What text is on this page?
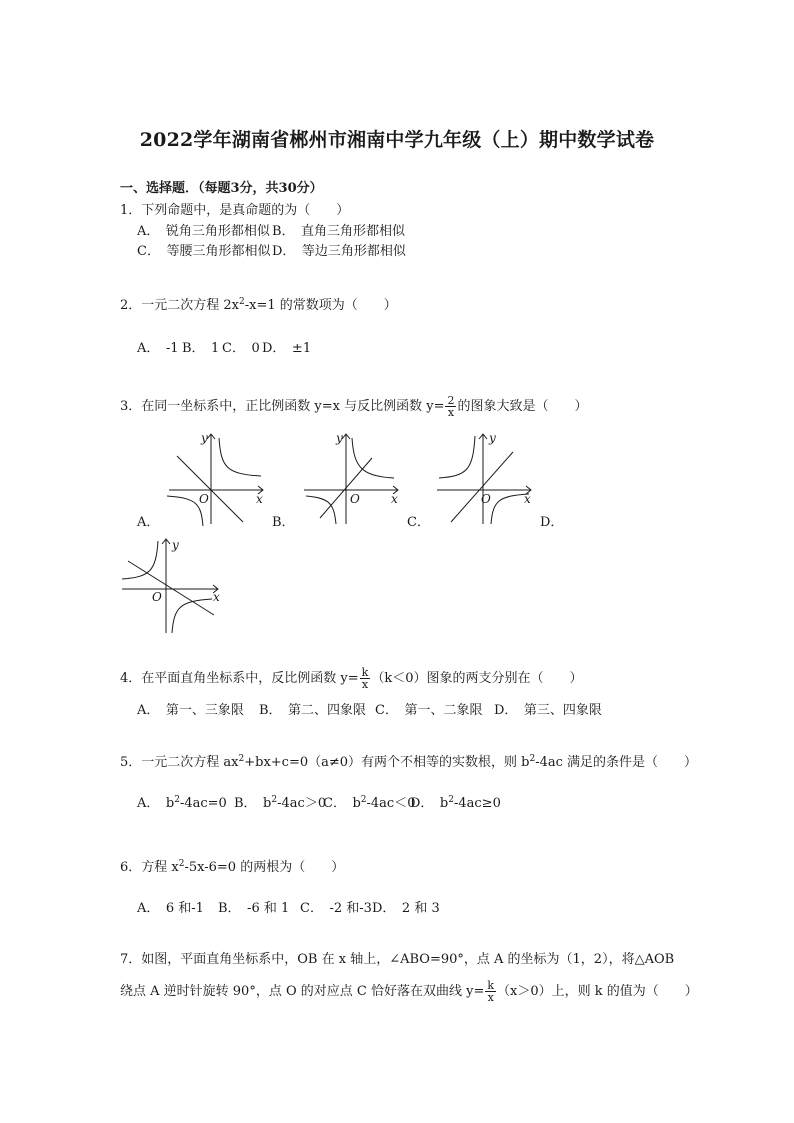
2022学年湖南省郴州市湘南中学九年级（上）期中数学试卷
一、选择题．（每题3分，共30分）
1．下列命题中，是真命题的为（　　）
A．　锐角三角形都相似 B．　直角三角形都相似
C．　等腰三角形都相似 D．　等边三角形都相似
2．一元二次方程 $2x^2-x=1$ 的常数项为（　　）
A．　-1 B．　1 C．　0 D．　±1
3．在同一坐标系中，正比例函数 y=x 与反比例函数 $y= \frac{2}{x}$ 的图象大致是（　　）
y
x
O
A．
y
x
O
B．
y
x
O
C．	D．
y
x
O
4．在平面直角坐标系中，反比例函数 $y= \frac{k}{x} (k<0)$图象的两支分别在（　　）
A．　第一、三象限 B．　第二、四象限 C．　第一、二象限 D．　第三、四象限
5．一元二次方程 $ax^2+bx+c=0(a\ne 0)$有两个不相等的实数根，则 $b^2-4ac$ 满足的条件是（　　）
A．　$b^2-4ac=0$ B．　$b^2-4ac>0$
C．　$b^2-4ac<0$
D．　$b^2-4ac\ge 0$
6．方程 $x^2-5x-6=0$ 的两根为（　　）
A．　6 和-1 B．　-6 和 1 C．　-2 和-3 D．　2 和 3
7．如图，平面直角坐标系中，OB 在 x 轴上，∠ABO=90°，点 A 的坐标为（1，2），将△AOB
绕点 A 逆时针旋转 90°，点 O 的对应点 C 恰好落在双曲线 $y= \frac{k}{x} (x>0)$上，则 k 的值为（　　）
